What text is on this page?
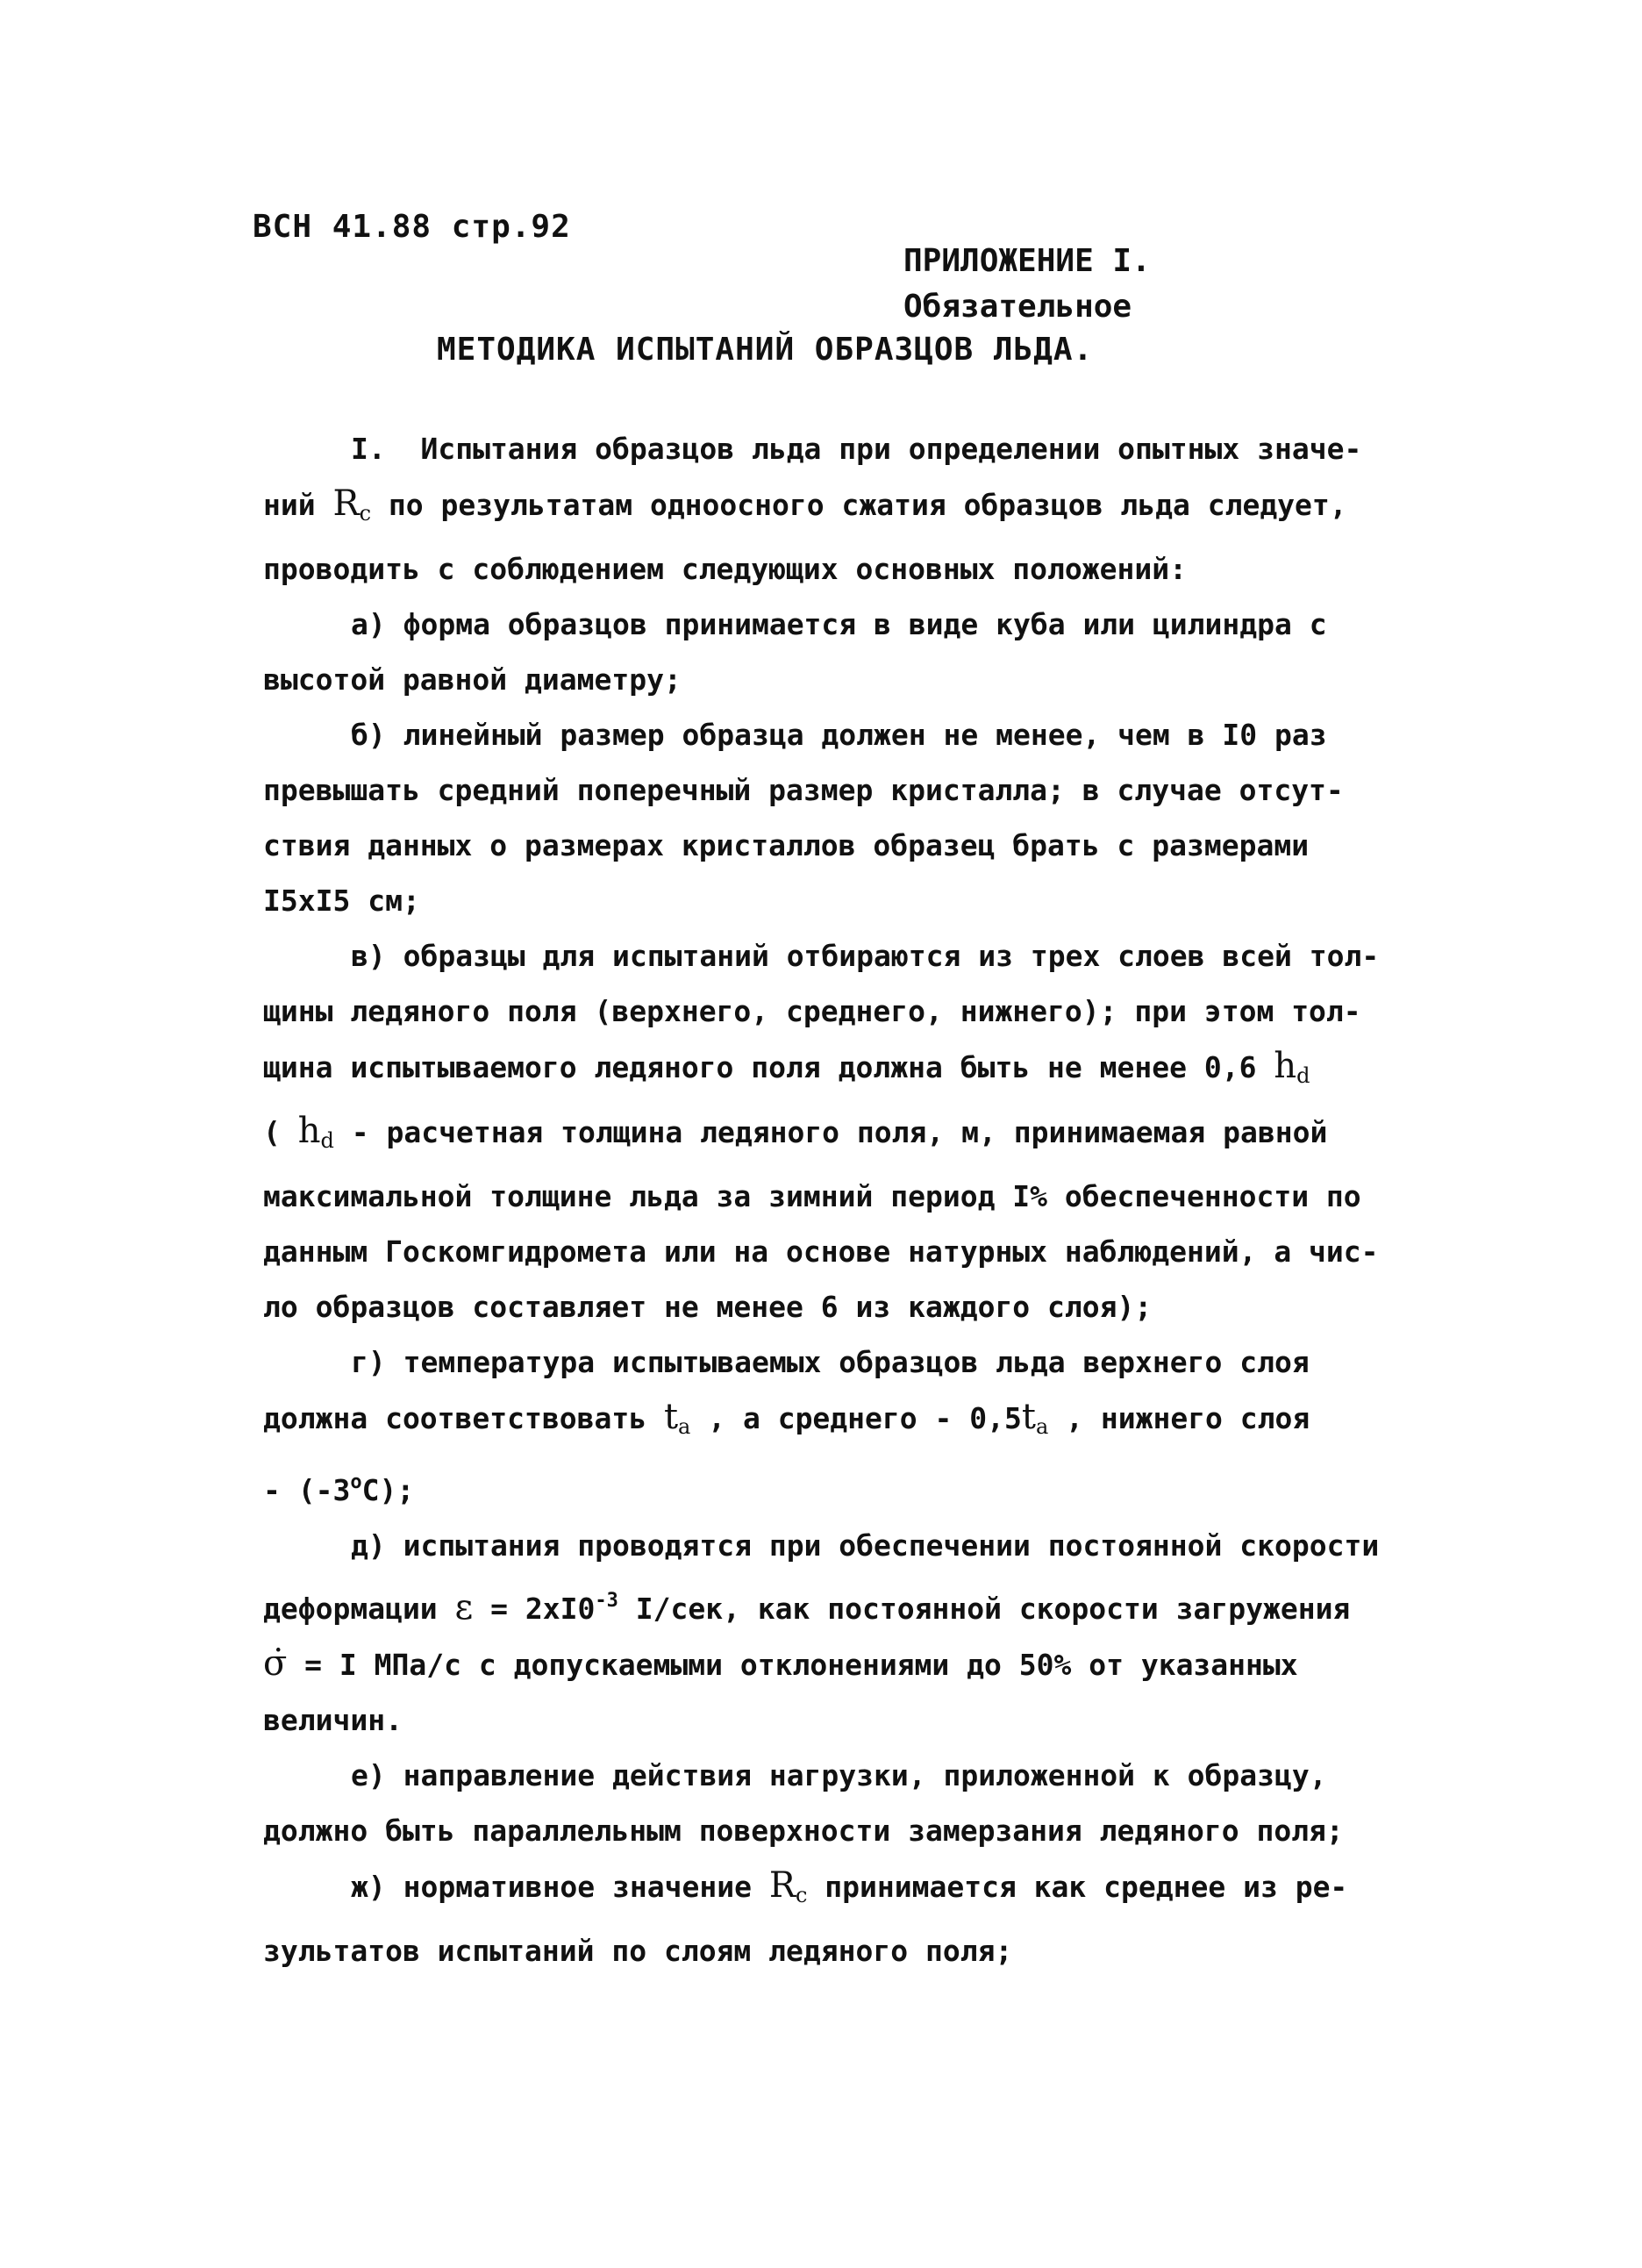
ВСН 41.88 стр.92
ПРИЛОЖЕНИЕ I.
Обязательное
МЕТОДИКА ИСПЫТАНИЙ ОБРАЗЦОВ ЛЬДА.
I.  Испытания образцов льда при определении опытных значе-
ний $R_c$ по результатам одноосного сжатия образцов льда следует,
проводить с соблюдением следующих основных положений:
а) форма образцов принимается в виде куба или цилиндра с
высотой равной диаметру;
б) линейный размер образца должен не менее, чем в I0 раз
превышать средний поперечный размер кристалла; в случае отсут-
ствия данных о размерах кристаллов образец брать с размерами
I5хI5 см;
в) образцы для испытаний отбираются из трех слоев всей тол-
щины ледяного поля (верхнего, среднего, нижнего); при этом тол-
щина испытываемого ледяного поля должна быть не менее 0,6 $h_d$
( $h_d$ - расчетная толщина ледяного поля, м, принимаемая равной
максимальной толщине льда за зимний период I% обеспеченности по
данным Госкомгидромета или на основе натурных наблюдений, а чис-
ло образцов составляет не менее 6 из каждого слоя);
г) температура испытываемых образцов льда верхнего слоя
должна соответствовать $t_a$ , а среднего - $0,5t_a$ , нижнего слоя
- $(-3^оС)$;
д) испытания проводятся при обеспечении постоянной скорости
деформации $\varepsilon = 2хI0^{-3}$ I/сек, как постоянной скорости загружения
σ̇ = I МПа/с с допускаемыми отклонениями до 50% от указанных
величин.
е) направление действия нагрузки, приложенной к образцу,
должно быть параллельным поверхности замерзания ледяного поля;
ж) нормативное значение $R_c$ принимается как среднее из ре-
зультатов испытаний по слоям ледяного поля;
